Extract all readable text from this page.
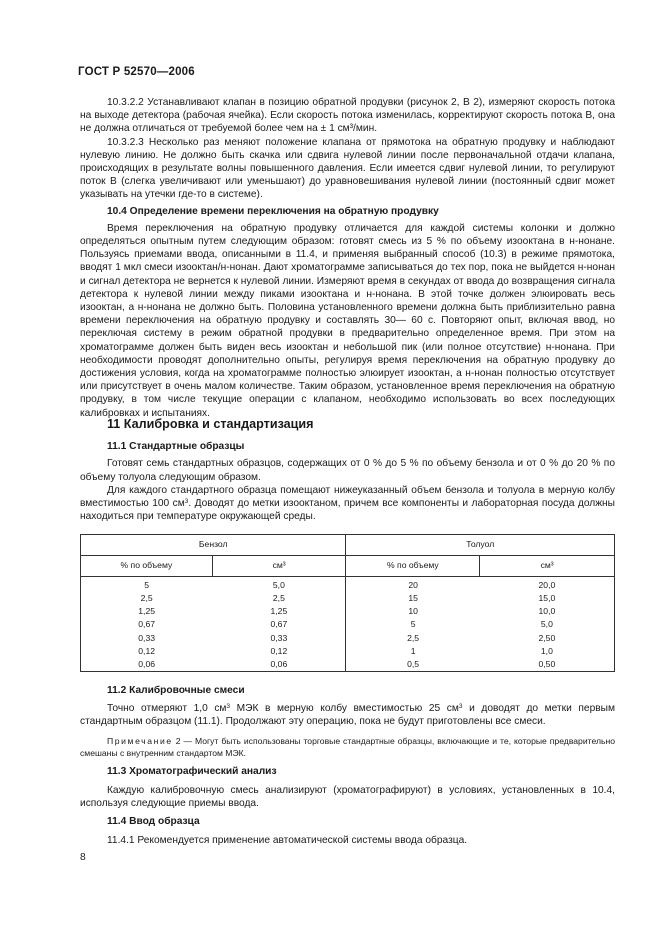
ГОСТ Р 52570—2006

10.3.2.2 Устанавливают клапан в позицию обратной продувки (рисунок 2, В 2), измеряют скорость потока на выходе детектора (рабочая ячейка). Если скорость потока изменилась, корректируют скорость потока В, она не должна отличаться от требуемой более чем на ± 1 см³/мин.

10.3.2.3 Несколько раз меняют положение клапана от прямотока на обратную продувку и наблюдают нулевую линию. Не должно быть скачка или сдвига нулевой линии после первоначальной отдачи клапана, происходящих в результате волны повышенного давления. Если имеется сдвиг нулевой линии, то регулируют поток В (слегка увеличивают или уменьшают) до уравновешивания нулевой линии (постоянный сдвиг может указывать на утечки где-то в системе).

10.4 Определение времени переключения на обратную продувку

Время переключения на обратную продувку отличается для каждой системы колонки и должно определяться опытным путем следующим образом: готовят смесь из 5 % по объему изооктана в н-нонане. Пользуясь приемами ввода, описанными в 11.4, и применяя выбранный способ (10.3) в режиме прямотока, вводят 1 мкл смеси изооктан/н-нонан. Дают хроматограмме записываться до тех пор, пока не выйдется н-нонан и сигнал детектора не вернется к нулевой линии. Измеряют время в секундах от ввода до возвращения сигнала детектора к нулевой линии между пиками изооктана и н-нонана. В этой точке должен элюировать весь изооктан, а н-нонана не должно быть. Половина установленного времени должна быть приблизительно равна времени переключения на обратную продувку и составлять 30— 60 с. Повторяют опыт, включая ввод, но переключая систему в режим обратной продувки в предварительно определенное время. При этом на хроматограмме должен быть виден весь изооктан и небольшой пик (или полное отсутствие) н-нонана. При необходимости проводят дополнительно опыты, регулируя время переключения на обратную продувку до достижения условия, когда на хроматограмме полностью элюирует изооктан, а н-нонан полностью отсутствует или присутствует в очень малом количестве. Таким образом, установленное время переключения на обратную продувку, в том числе текущие операции с клапаном, необходимо использовать во всех последующих калибровках и испытаниях.

11 Калибровка и стандартизация

11.1 Стандартные образцы

Готовят семь стандартных образцов, содержащих от 0 % до 5 % по объему бензола и от 0 % до 20 % по объему толуола следующим образом.

Для каждого стандартного образца помещают нижеуказанный объем бензола и толуола в мерную колбу вместимостью 100 $см^3$. Доводят до метки изооктаном, причем все компоненты и лабораторная посуда должны находиться при температуре окружающей среды.

Бензол		Толуол	
% по объему	см³	% по объему	см³
5	5,0	20	20,0
2,5	2,5	15	15,0
1,25	1,25	10	10,0
0,67	0,67	5	5,0
0,33	0,33	2,5	2,50
0,12	0,12	1	1,0
0,06	0,06	0,5	0,50

11.2 Калибровочные смеси

Точно отмеряют 1,0 $см^3$ МЭК в мерную колбу вместимостью 25 $см^3$ и доводят до метки первым стандартным образцом (11.1). Продолжают эту операцию, пока не будут приготовлены все смеси.

Примечание 2 — Могут быть использованы торговые стандартные образцы, включающие и те, которые предварительно смешаны с внутренним стандартом МЭК.

11.3 Хроматографический анализ

Каждую калибровочную смесь анализируют (хроматографируют) в условиях, установленных в 10.4, используя следующие приемы ввода.

11.4 Ввод образца

11.4.1 Рекомендуется применение автоматической системы ввода образца.

8
